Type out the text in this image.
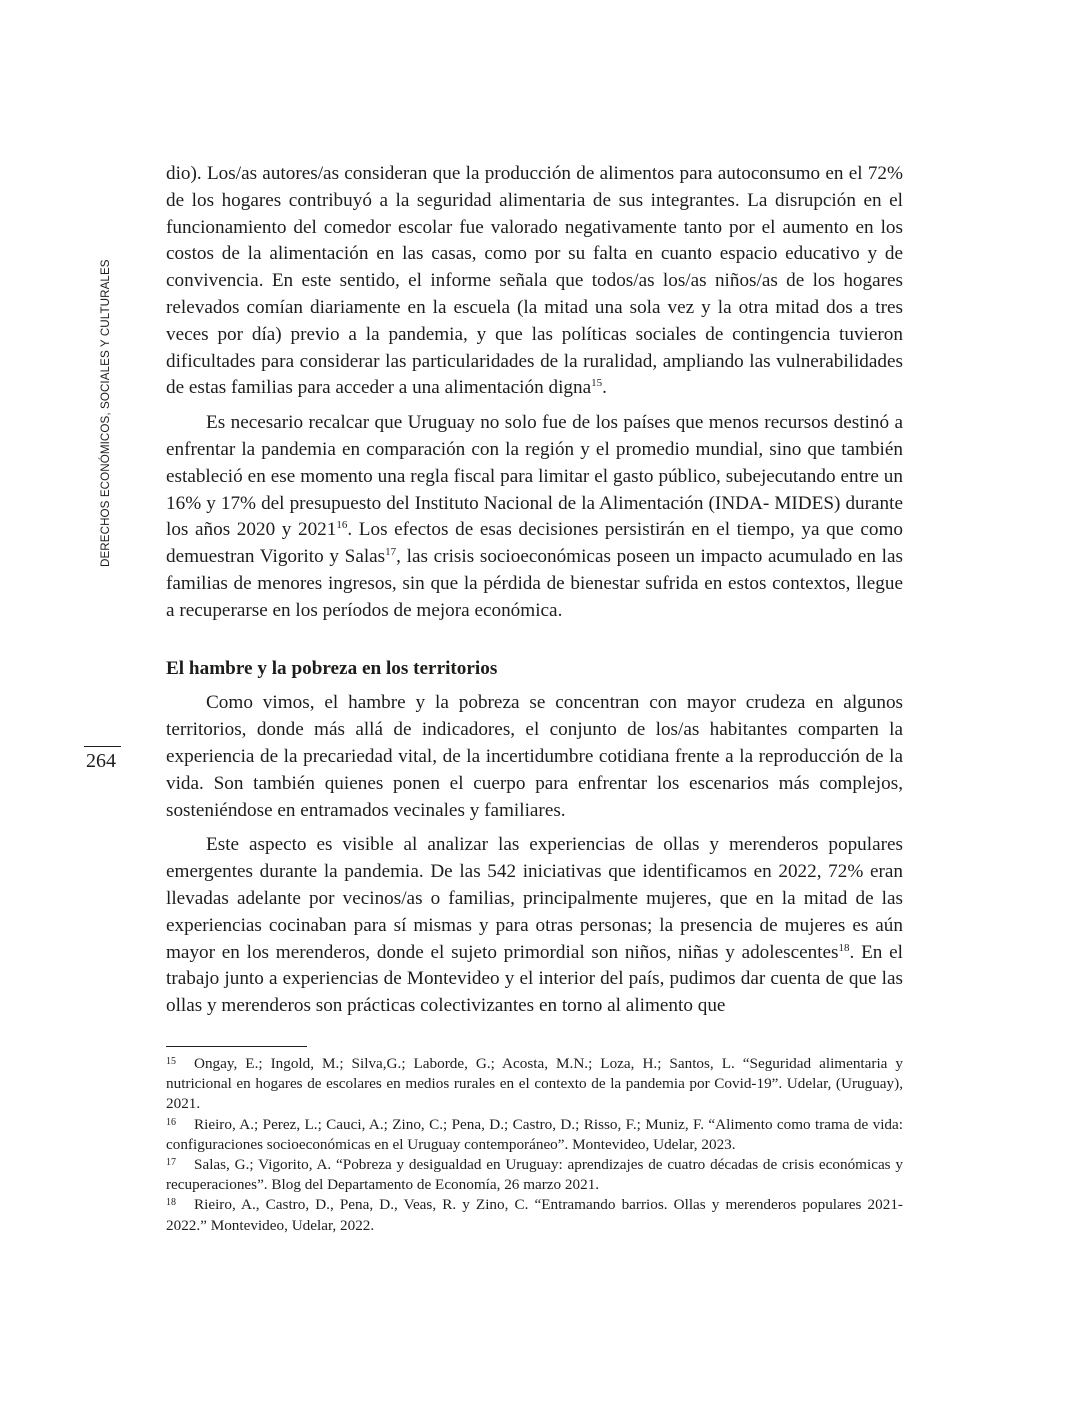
DERECHOS ECONÓMICOS, SOCIALES Y CULTURALES
264

dio). Los/as autores/as consideran que la producción de alimentos para autoconsumo en el 72% de los hogares contribuyó a la seguridad alimentaria de sus integrantes. La disrupción en el funcionamiento del comedor escolar fue valorado negativamente tanto por el aumento en los costos de la alimentación en las casas, como por su falta en cuanto espacio educativo y de convivencia. En este sentido, el informe señala que todos/as los/as niños/as de los hogares relevados comían diariamente en la escuela (la mitad una sola vez y la otra mitad dos a tres veces por día) previo a la pandemia, y que las políticas sociales de contingencia tuvieron dificultades para considerar las particularidades de la ruralidad, ampliando las vulnerabilidades de estas familias para acceder a una alimentación digna$^{15}$.

Es necesario recalcar que Uruguay no solo fue de los países que menos recursos destinó a enfrentar la pandemia en comparación con la región y el promedio mundial, sino que también estableció en ese momento una regla fiscal para limitar el gasto público, subejecutando entre un 16% y 17% del presupuesto del Instituto Nacional de la Alimentación (INDA- MIDES) durante los años 2020 y 2021$^{16}$. Los efectos de esas decisiones persistirán en el tiempo, ya que como demuestran Vigorito y Salas$^{17}$, las crisis socioeconómicas poseen un impacto acumulado en las familias de menores ingresos, sin que la pérdida de bienestar sufrida en estos contextos, llegue a recuperarse en los períodos de mejora económica.

El hambre y la pobreza en los territorios

Como vimos, el hambre y la pobreza se concentran con mayor crudeza en algunos territorios, donde más allá de indicadores, el conjunto de los/as habitantes comparten la experiencia de la precariedad vital, de la incertidumbre cotidiana frente a la reproducción de la vida. Son también quienes ponen el cuerpo para enfrentar los escenarios más complejos, sosteniéndose en entramados vecinales y familiares.

Este aspecto es visible al analizar las experiencias de ollas y merenderos populares emergentes durante la pandemia. De las 542 iniciativas que identificamos en 2022, 72% eran llevadas adelante por vecinos/as o familias, principalmente mujeres, que en la mitad de las experiencias cocinaban para sí mismas y para otras personas; la presencia de mujeres es aún mayor en los merenderos, donde el sujeto primordial son niños, niñas y adolescentes$^{18}$. En el trabajo junto a experiencias de Montevideo y el interior del país, pudimos dar cuenta de que las ollas y merenderos son prácticas colectivizantes en torno al alimento que

15 Ongay, E.; Ingold, M.; Silva,G.; Laborde, G.; Acosta, M.N.; Loza, H.; Santos, L. “Seguridad alimentaria y nutricional en hogares de escolares en medios rurales en el contexto de la pandemia por Covid-19”. Udelar, (Uruguay), 2021.

16 Rieiro, A.; Perez, L.; Cauci, A.; Zino, C.; Pena, D.; Castro, D.; Risso, F.; Muniz, F. “Alimento como trama de vida: configuraciones socioeconómicas en el Uruguay contemporáneo”. Montevideo, Udelar, 2023.

17 Salas, G.; Vigorito, A. “Pobreza y desigualdad en Uruguay: aprendizajes de cuatro décadas de crisis económicas y recuperaciones”. Blog del Departamento de Economía, 26 marzo 2021.

18 Rieiro, A., Castro, D., Pena, D., Veas, R. y Zino, C. “Entramando barrios. Ollas y merenderos populares 2021-2022.” Montevideo, Udelar, 2022.
